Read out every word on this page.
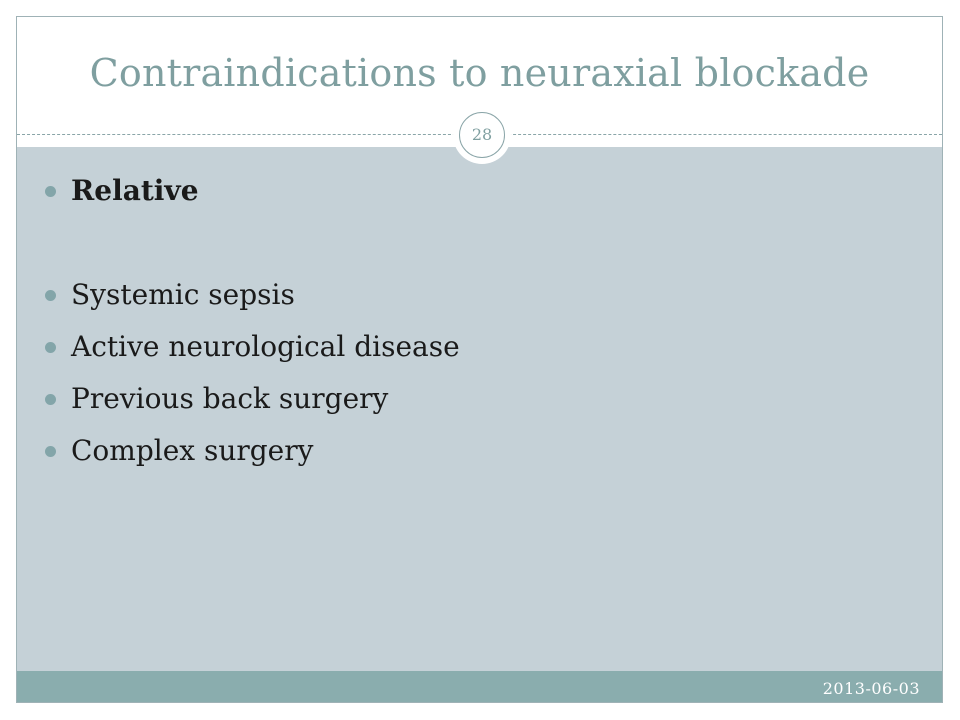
Contraindications to neuraxial blockade
28
Relative
Systemic sepsis
Active neurological disease
Previous back surgery
Complex surgery
2013-06-03
